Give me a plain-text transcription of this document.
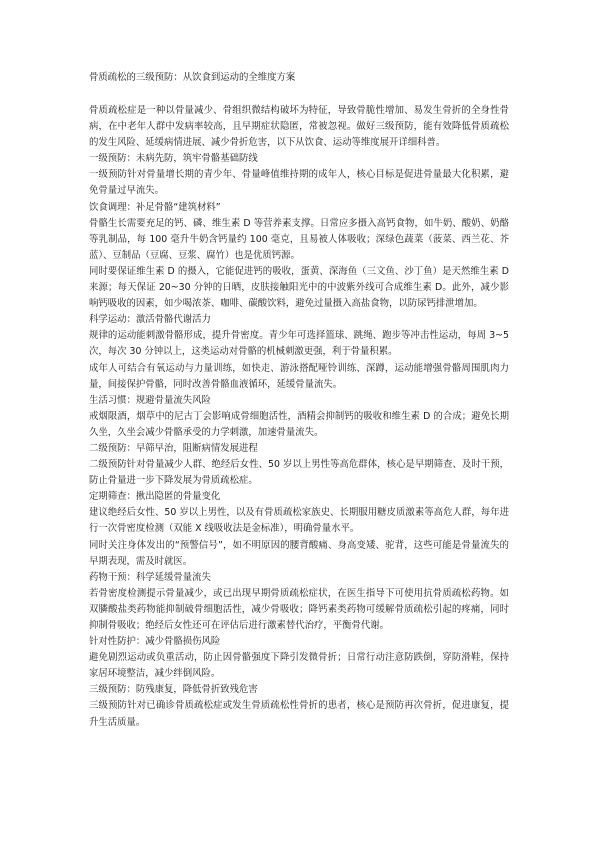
骨质疏松的三级预防：从饮食到运动的全维度方案

骨质疏松症是一种以骨量减少、骨组织微结构破坏为特征，导致骨脆性增加、易发生骨折的全身性骨病，在中老年人群中发病率较高，且早期症状隐匿，常被忽视。做好三级预防，能有效降低骨质疏松的发生风险、延缓病情进展、减少骨折危害，以下从饮食、运动等维度展开详细科普。

一级预防：未病先防，筑牢骨骼基础防线

一级预防针对骨量增长期的青少年、骨量峰值维持期的成年人，核心目标是促进骨量最大化积累，避免骨量过早流失。

饮食调理：补足骨骼“建筑材料”

骨骼生长需要充足的钙、磷、维生素 D 等营养素支撑。日常应多摄入高钙食物，如牛奶、酸奶、奶酪等乳制品，每 100 毫升牛奶含钙量约 100 毫克，且易被人体吸收；深绿色蔬菜（菠菜、西兰花、芥蓝）、豆制品（豆腐、豆浆、腐竹）也是优质钙源。

同时要保证维生素 D 的摄入，它能促进钙的吸收，蛋黄、深海鱼（三文鱼、沙丁鱼）是天然维生素 D 来源；每天保证 20~30 分钟的日晒，皮肤接触阳光中的中波紫外线可合成维生素 D。此外，减少影响钙吸收的因素，如少喝浓茶、咖啡、碳酸饮料，避免过量摄入高盐食物，以防尿钙排泄增加。

科学运动：激活骨骼代谢活力

规律的运动能刺激骨骼形成，提升骨密度。青少年可选择篮球、跳绳、跑步等冲击性运动，每周 3~5 次，每次 30 分钟以上，这类运动对骨骼的机械刺激更强，利于骨量积累。

成年人可结合有氧运动与力量训练，如快走、游泳搭配哑铃训练、深蹲，运动能增强骨骼周围肌肉力量，间接保护骨骼，同时改善骨骼血液循环，延缓骨量流失。

生活习惯：规避骨量流失风险

戒烟限酒，烟草中的尼古丁会影响成骨细胞活性，酒精会抑制钙的吸收和维生素 D 的合成；避免长期久坐，久坐会减少骨骼承受的力学刺激，加速骨量流失。

二级预防：早筛早治，阻断病情发展进程

二级预防针对骨量减少人群、绝经后女性、50 岁以上男性等高危群体，核心是早期筛查、及时干预，防止骨量进一步下降发展为骨质疏松症。

定期筛查：揪出隐匿的骨量变化

建议绝经后女性、50 岁以上男性，以及有骨质疏松家族史、长期服用糖皮质激素等高危人群，每年进行一次骨密度检测（双能 X 线吸收法是金标准），明确骨量水平。

同时关注身体发出的“预警信号”，如不明原因的腰背酸痛、身高变矮、驼背，这些可能是骨量流失的早期表现，需及时就医。

药物干预：科学延缓骨量流失

若骨密度检测提示骨量减少，或已出现早期骨质疏松症状，在医生指导下可使用抗骨质疏松药物。如双膦酸盐类药物能抑制破骨细胞活性，减少骨吸收；降钙素类药物可缓解骨质疏松引起的疼痛，同时抑制骨吸收；绝经后女性还可在评估后进行激素替代治疗，平衡骨代谢。

针对性防护：减少骨骼损伤风险

避免剧烈运动或负重活动，防止因骨骼强度下降引发微骨折；日常行动注意防跌倒，穿防滑鞋，保持家居环境整洁，减少绊倒风险。

三级预防：防残康复，降低骨折致残危害

三级预防针对已确诊骨质疏松症或发生骨质疏松性骨折的患者，核心是预防再次骨折，促进康复，提升生活质量。
